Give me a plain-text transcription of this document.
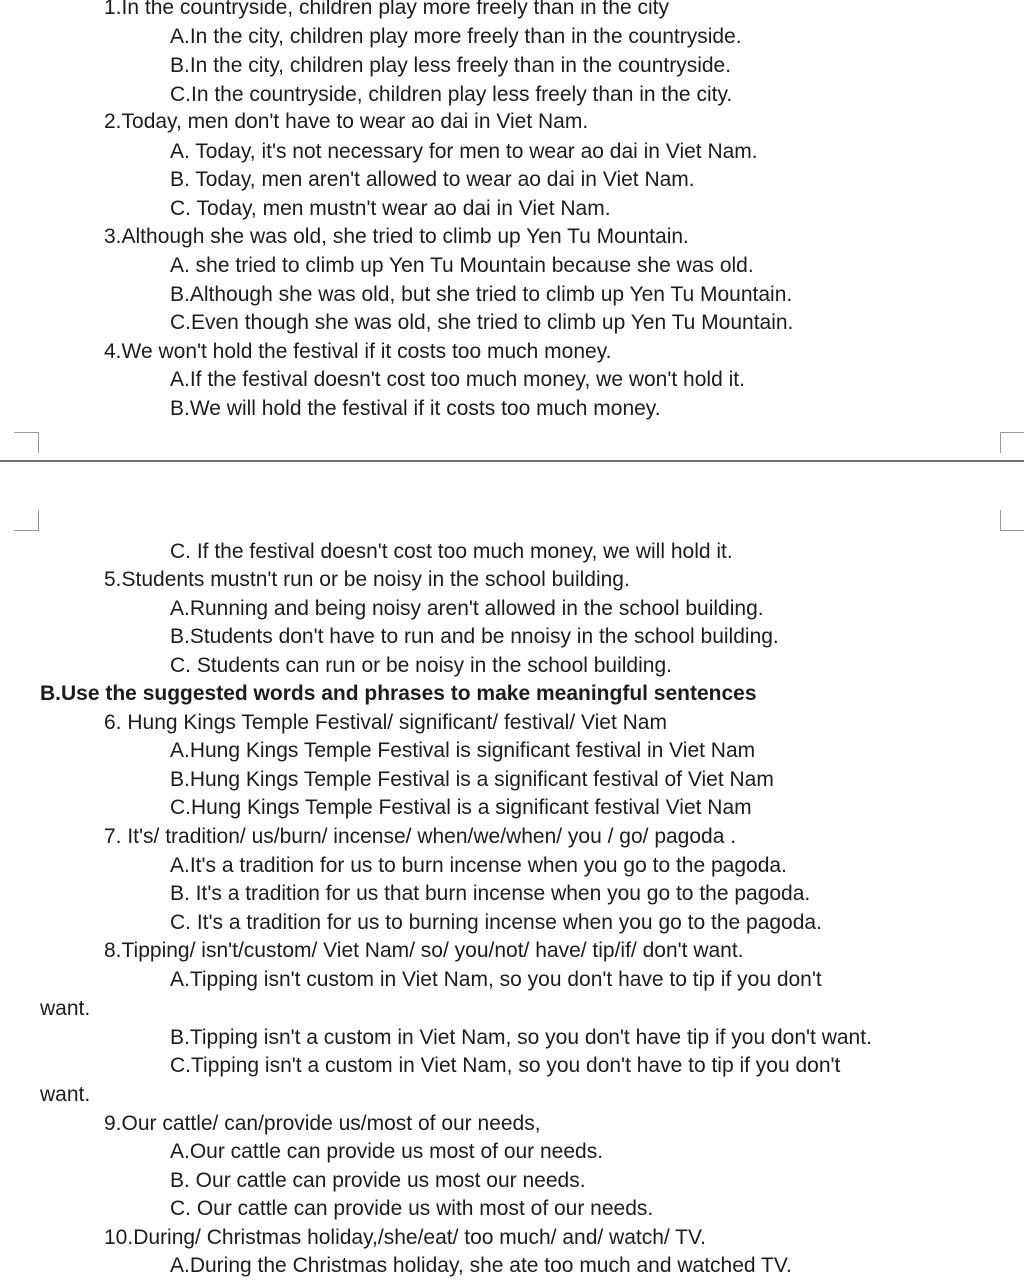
1.In the countryside, children play more freely than in the city
A.In the city, children play more freely than in the countryside.
B.In the city, children play less freely than in the countryside.
C.In the countryside, children play less freely than in the city.
2.Today, men don't have to wear ao dai in Viet Nam.
A. Today, it's not necessary for men to wear ao dai in Viet Nam.
B. Today, men aren't allowed to wear ao dai in Viet Nam.
C. Today, men mustn't wear ao dai in Viet Nam.
3.Although she was old, she tried to climb up Yen Tu Mountain.
A. she tried to climb up Yen Tu Mountain because she was old.
B.Although she was old, but she tried to climb up Yen Tu Mountain.
C.Even though she was old, she tried to climb up Yen Tu Mountain.
4.We won't hold the festival if it costs too much money.
A.If the festival doesn't cost too much money, we won't hold it.
B.We will hold the festival if it costs too much money.
C. If the festival doesn't cost too much money, we will hold it.
5.Students mustn't run or be noisy in the school building.
A.Running and being noisy aren't allowed in the school building.
B.Students don't have to run and be nnoisy in the school building.
C. Students can run or be noisy in the school building.
B.Use the suggested words and phrases to make meaningful sentences
6. Hung Kings Temple Festival/ significant/ festival/ Viet Nam
A.Hung Kings Temple Festival is significant festival in Viet Nam
B.Hung Kings Temple Festival is a significant festival of Viet Nam
C.Hung Kings Temple Festival is a significant festival Viet Nam
7. It's/ tradition/ us/burn/ incense/ when/we/when/ you / go/ pagoda .
A.It's a tradition for us to burn incense when you go to the pagoda.
B. It's a tradition for us that burn incense when you go to the pagoda.
C. It's a tradition for us to burning incense when you go to the pagoda.
8.Tipping/ isn't/custom/ Viet Nam/ so/ you/not/ have/ tip/if/ don't want.
A.Tipping isn't custom in Viet Nam, so you don't have to tip if you don't
want.
B.Tipping isn't a custom in Viet Nam, so you don't have tip if you don't want.
C.Tipping isn't a custom in Viet Nam, so you don't have to tip if you don't
want.
9.Our cattle/ can/provide us/most of our needs,
A.Our cattle can provide us most of our needs.
B. Our cattle can provide us most our needs.
C. Our cattle can provide us with most of our needs.
10.During/ Christmas holiday,/she/eat/ too much/ and/ watch/ TV.
A.During the Christmas holiday, she ate too much and watched TV.
